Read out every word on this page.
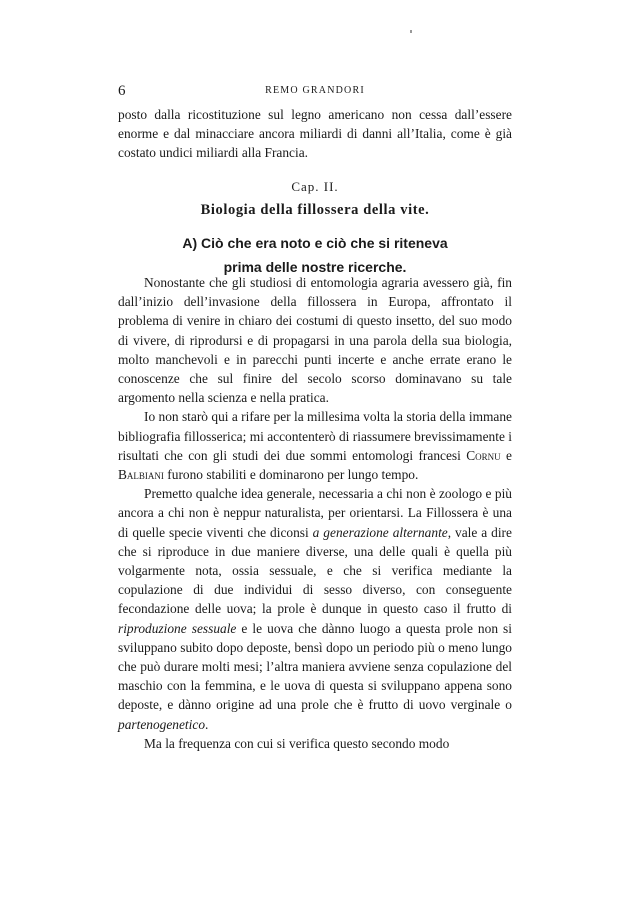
6	REMO GRANDORI

posto dalla ricostituzione sul legno americano non cessa dall’essere enorme e dal minacciare ancora miliardi di danni all’Italia, come è già costato undici miliardi alla Francia.

Cap. II.
Biologia della fillossera della vite.
A) Ciò che era noto e ciò che si riteneva
prima delle nostre ricerche.

Nonostante che gli studiosi di entomologia agraria avessero già, fin dall’inizio dell’invasione della fillossera in Europa, affrontato il problema di venire in chiaro dei costumi di questo insetto, del suo modo di vivere, di riprodursi e di propagarsi in una parola della sua biologia, molto manchevoli e in parecchi punti incerte e anche errate erano le conoscenze che sul finire del secolo scorso dominavano su tale argomento nella scienza e nella pratica.

Io non starò qui a rifare per la millesima volta la storia della immane bibliografia fillosserica; mi accontenterò di riassumere brevissimamente i risultati che con gli studi dei due sommi entomologi francesi Cornu e Balbiani furono stabiliti e dominarono per lungo tempo.

Premetto qualche idea generale, necessaria a chi non è zoologo e più ancora a chi non è neppur naturalista, per orientarsi. La Fillossera è una di quelle specie viventi che diconsi a generazione alternante, vale a dire che si riproduce in due maniere diverse, una delle quali è quella più volgarmente nota, ossia sessuale, e che si verifica mediante la copulazione di due individui di sesso diverso, con conseguente fecondazione delle uova; la prole è dunque in questo caso il frutto di riproduzione sessuale e le uova che dànno luogo a questa prole non si sviluppano subito dopo deposte, bensì dopo un periodo più o meno lungo che può durare molti mesi; l’altra maniera avviene senza copulazione del maschio con la femmina, e le uova di questa si sviluppano appena sono deposte, e dànno origine ad una prole che è frutto di uovo verginale o partenogenetico.

Ma la frequenza con cui si verifica questo secondo modo
